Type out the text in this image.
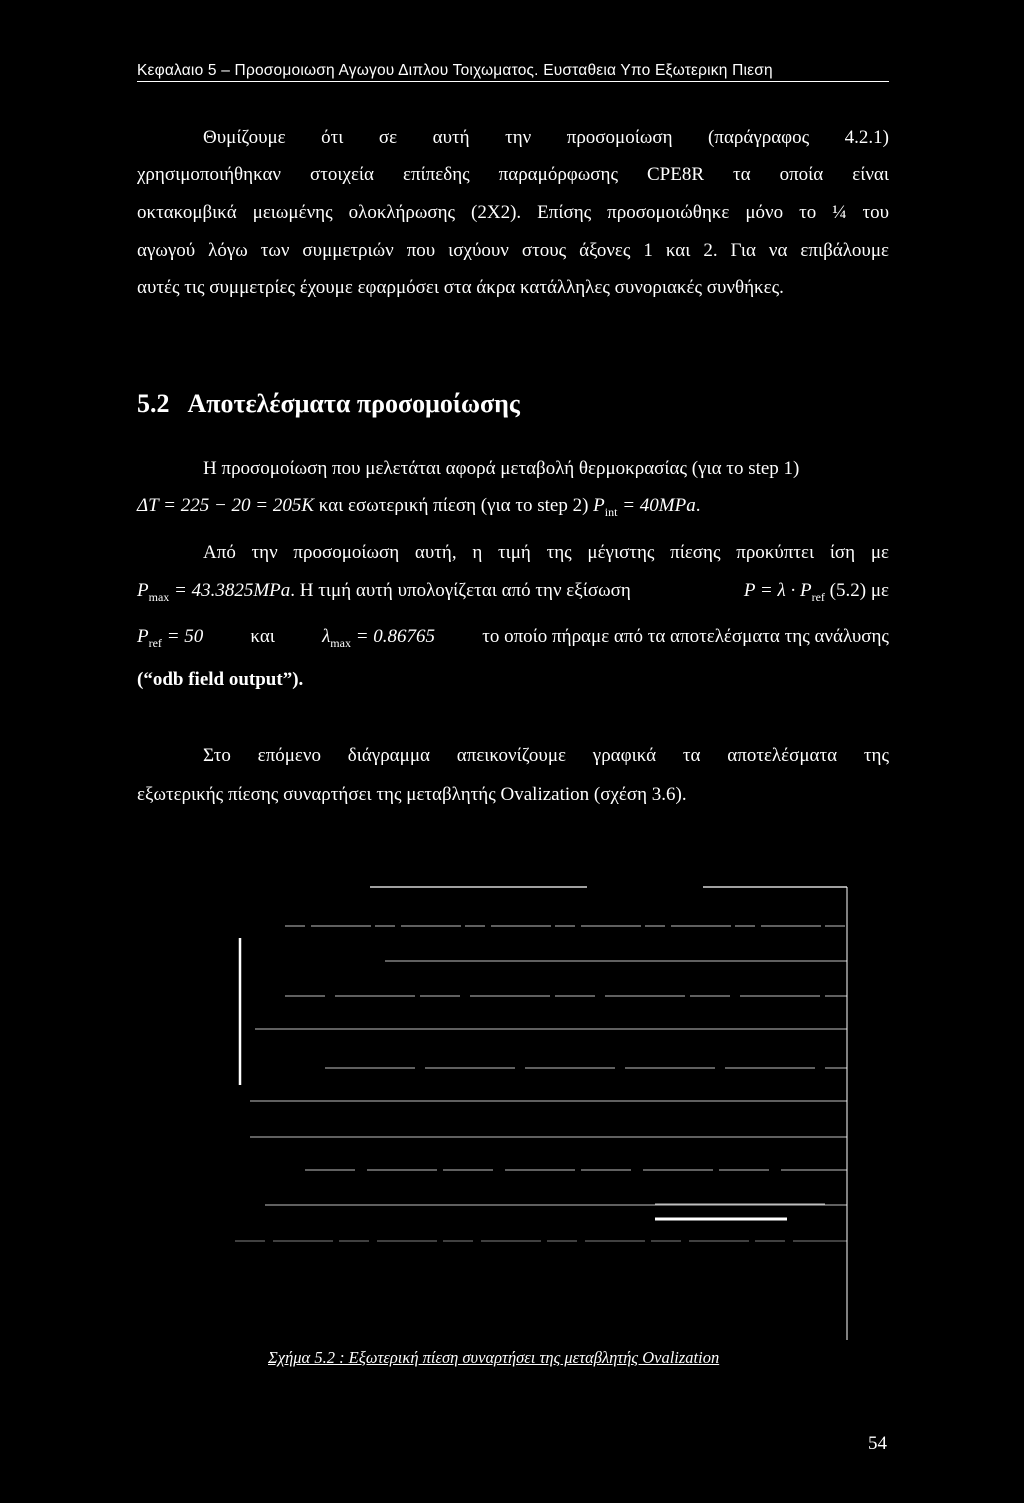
Κεφαλαιο 5 – Προσομοιωση Αγωγου Διπλου Τοιχωματος. Ευσταθεια Υπο Εξωτερικη Πιεση
Θυμίζουμε ότι σε αυτή την προσομοίωση (παράγραφος 4.2.1)
χρησιμοποιήθηκαν στοιχεία επίπεδης παραμόρφωσης CPE8R τα οποία είναι
οκτακομβικά μειωμένης ολοκλήρωσης (2Χ2). Επίσης προσομοιώθηκε μόνο το ¼ του
αγωγού λόγω των συμμετριών που ισχύουν στους άξονες 1 και 2. Για να επιβάλουμε
αυτές τις συμμετρίες έχουμε εφαρμόσει στα άκρα κατάλληλες συνοριακές συνθήκες.
5.2 Αποτελέσματα προσομοίωσης
Η προσομοίωση που μελετάται αφορά μεταβολή θερμοκρασίας (για το step 1)
ΔT = 225 − 20 = 205K και εσωτερική πίεση (για το step 2) $P_{int} = 40MPa$.
Από την προσομοίωση αυτή, η τιμή της μέγιστης πίεσης προκύπτει ίση με
$P_{max} = 43.3825MPa$. Η τιμή αυτή υπολογίζεται από την εξίσωση	$P = \lambda \cdot P_{ref}$ (5.2) με
$P_{ref} = 50$ και $\lambda_{max} = 0.86765$ το οποίο πήραμε από τα αποτελέσματα της ανάλυσης
(“odb field output”).
Στο επόμενο διάγραμμα απεικονίζουμε γραφικά τα αποτελέσματα της
εξωτερικής πίεσης συναρτήσει της μεταβλητής Ovalization (σχέση 3.6).
Σχήμα 5.2 : Εξωτερική πίεση συναρτήσει της μεταβλητής Ovalization
54
